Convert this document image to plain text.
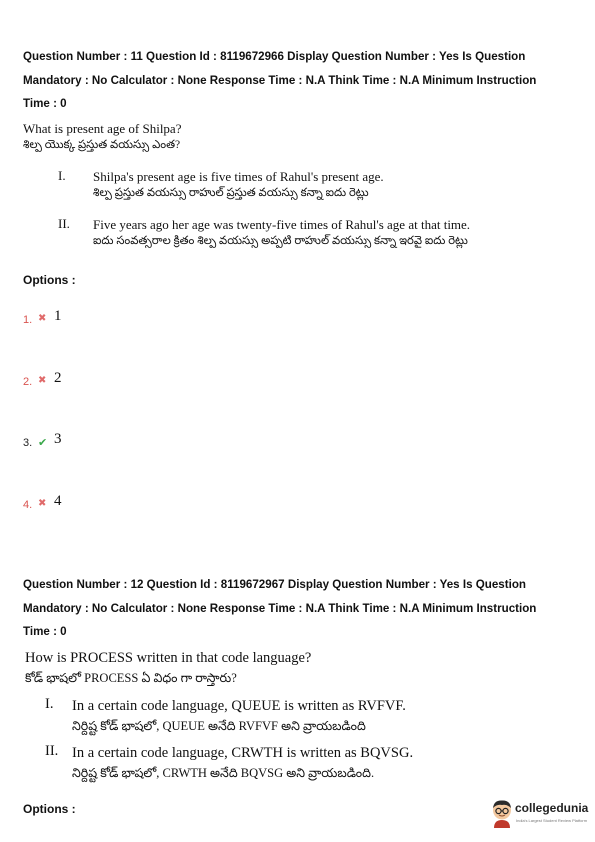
Question Number : 11 Question Id : 8119672966 Display Question Number : Yes Is Question
Mandatory : No Calculator : None Response Time : N.A Think Time : N.A Minimum Instruction
Time : 0
What is present age of Shilpa?
శిల్ప యొక్క ప్రస్తుత వయస్సు ఎంత?
I. Shilpa's present age is five times of Rahul's present age.
శిల్ప ప్రస్తుత వయస్సు రాహుల్ ప్రస్తుత వయస్సు కన్నా ఐదు రెట్లు
II. Five years ago her age was twenty-five times of Rahul's age at that time.
ఐదు సంవత్సరాల క్రితం శిల్ప వయస్సు అప్పటి రాహుల్ వయస్సు కన్నా ఇరవై ఐదు రెట్లు
Options :
1. ✖ 1
2. ✖ 2
3. ✔ 3
4. ✖ 4
Question Number : 12 Question Id : 8119672967 Display Question Number : Yes Is Question
Mandatory : No Calculator : None Response Time : N.A Think Time : N.A Minimum Instruction
Time : 0
How is PROCESS written in that code language?
కోడ్ భాషలో PROCESS ఏ విధం గా రాస్తారు?
I. In a certain code language, QUEUE is written as RVFVF.
నిర్దిష్ట కోడ్ భాషలో, QUEUE అనేది RVFVF అని వ్రాయబడింది
II. In a certain code language, CRWTH is written as BQVSG.
నిర్దిష్ట కోడ్ భాషలో, CRWTH అనేది BQVSG అని వ్రాయబడింది.
Options :	collegedunia
India's Largest Student Review Platform
